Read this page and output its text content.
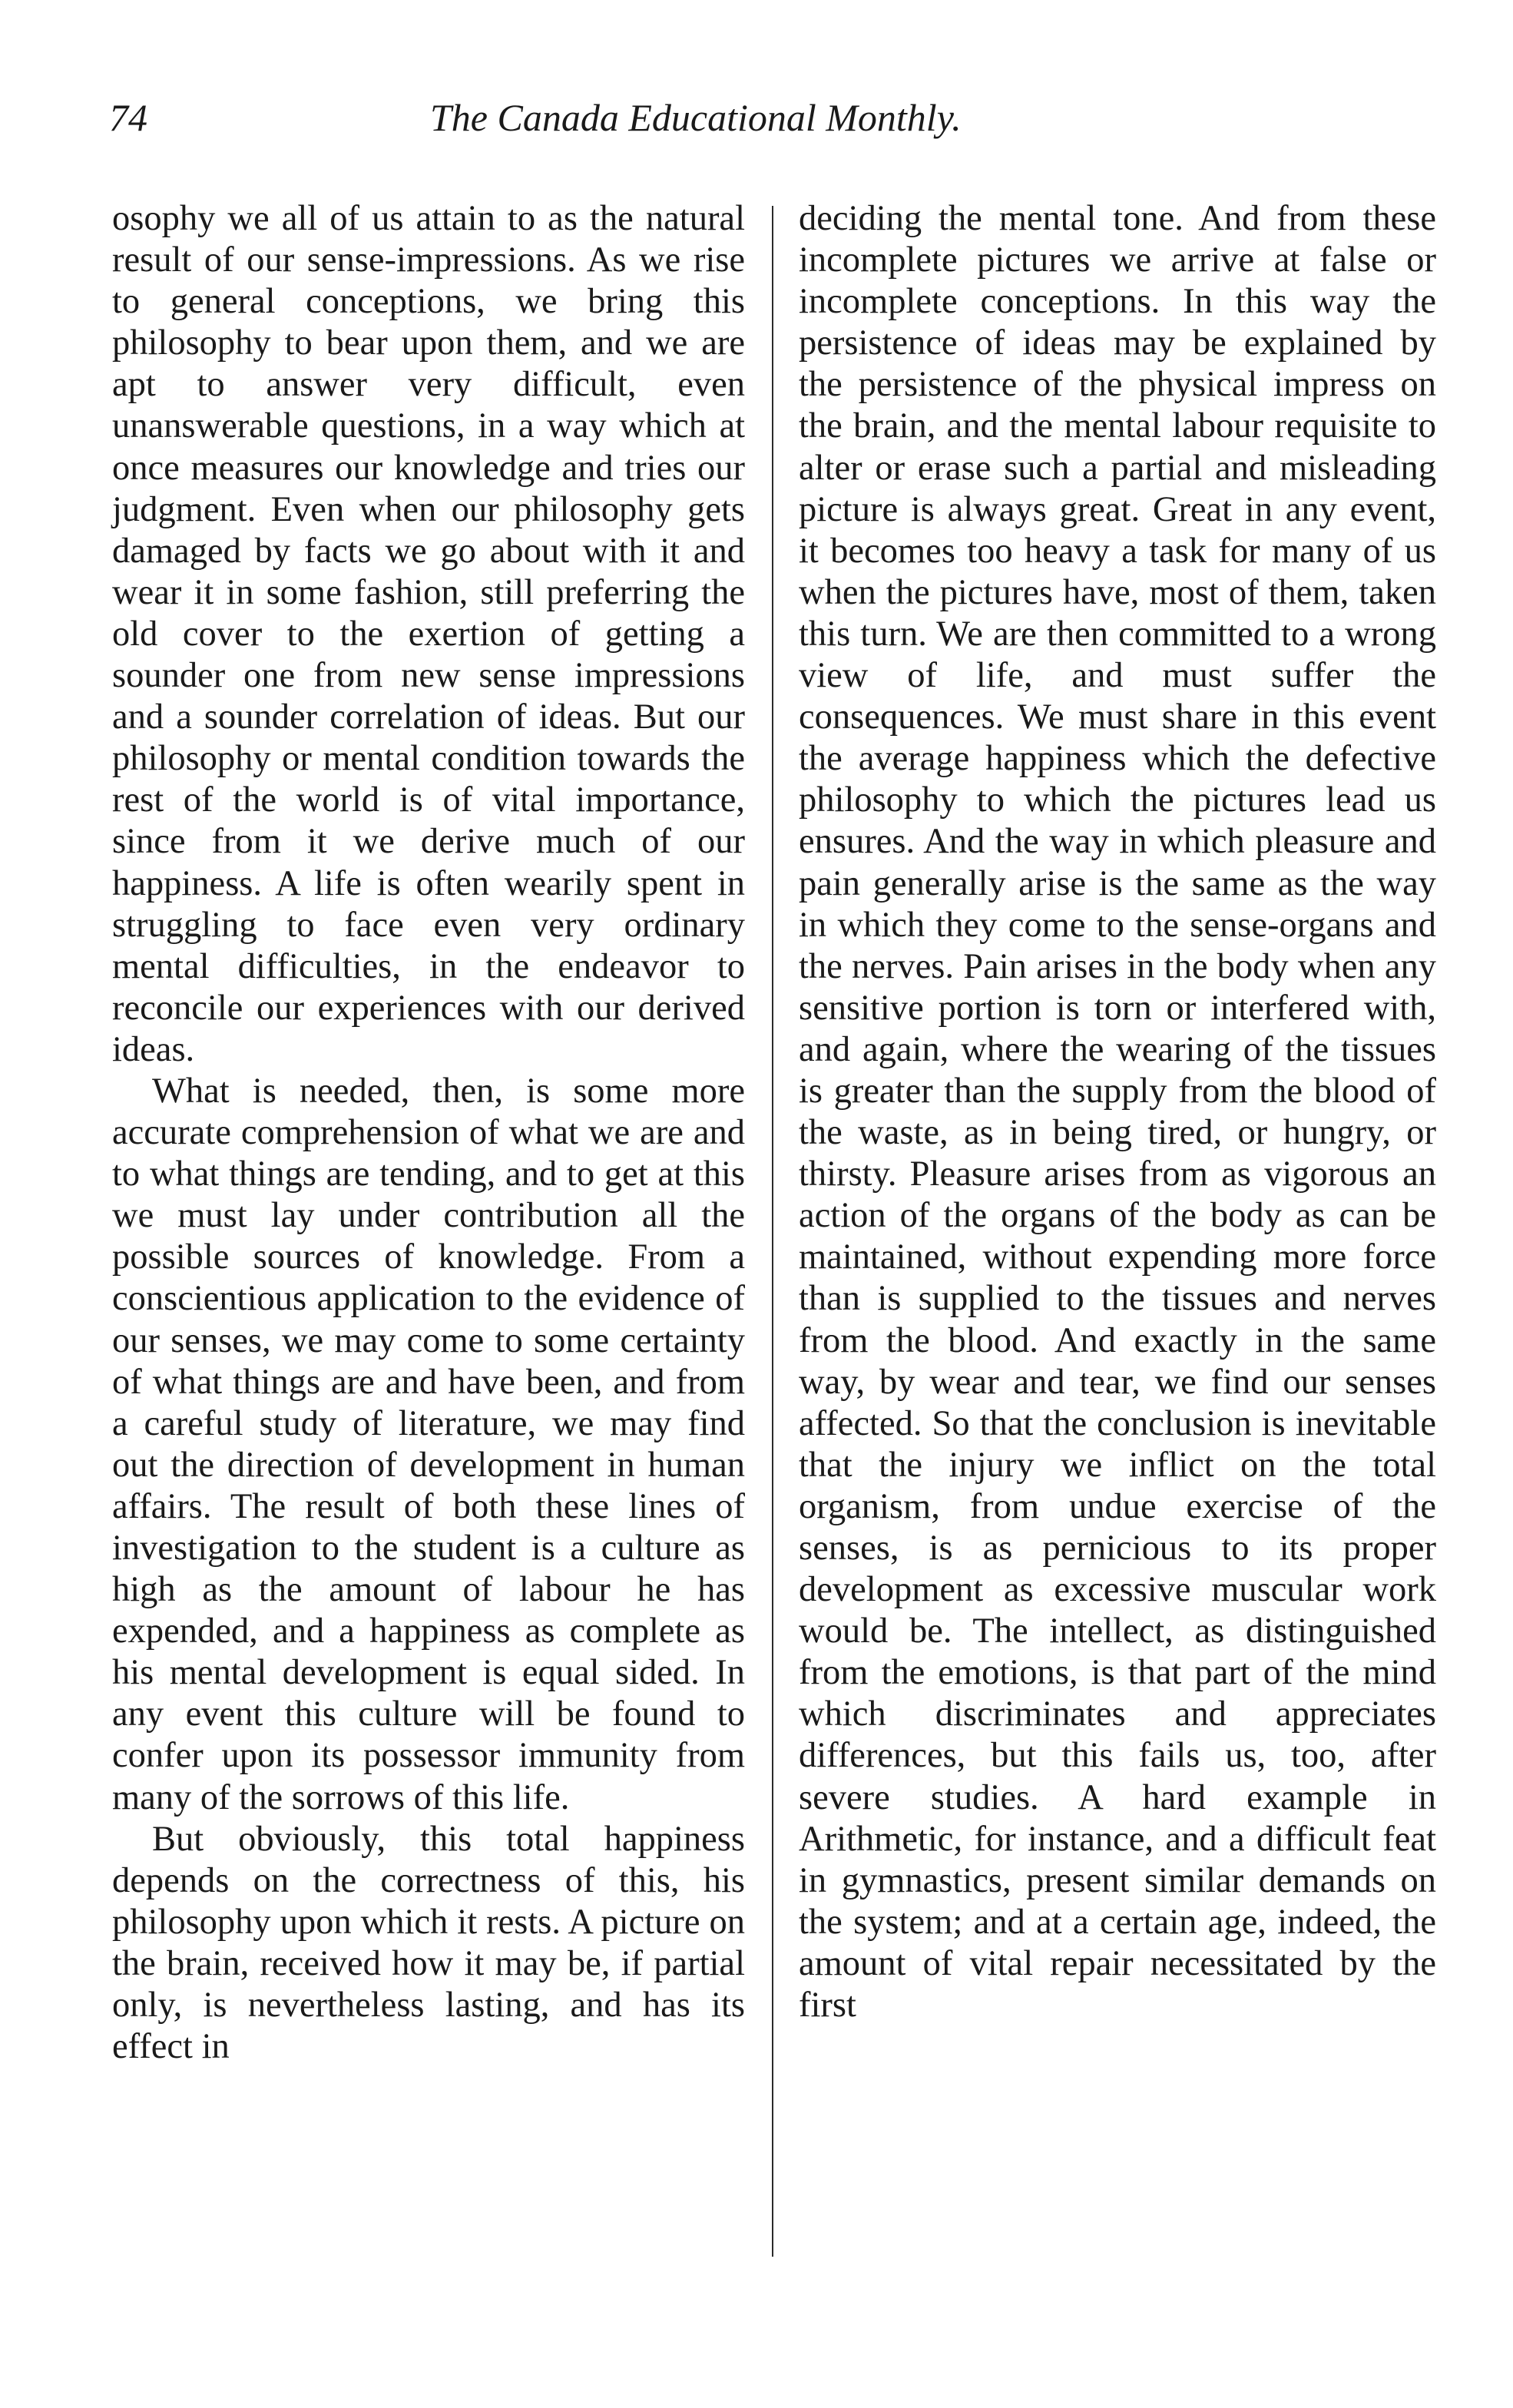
74	The Canada Educational Monthly.

osophy we all of us attain to as the natural result of our sense-impressions. As we rise to general conceptions, we bring this philosophy to bear upon them, and we are apt to answer very difficult, even unanswerable questions, in a way which at once measures our knowledge and tries our judgment. Even when our philosophy gets damaged by facts we go about with it and wear it in some fashion, still preferring the old cover to the exertion of getting a sounder one from new sense impressions and a sounder correlation of ideas. But our philosophy or mental condition towards the rest of the world is of vital importance, since from it we derive much of our happiness. A life is often wearily spent in struggling to face even very ordinary mental difficulties, in the endeavor to reconcile our experiences with our derived ideas.

What is needed, then, is some more accurate comprehension of what we are and to what things are tending, and to get at this we must lay under contribution all the possible sources of knowledge. From a conscientious application to the evidence of our senses, we may come to some certainty of what things are and have been, and from a careful study of literature, we may find out the direction of development in human affairs. The result of both these lines of investigation to the student is a culture as high as the amount of labour he has expended, and a happiness as complete as his mental development is equal sided. In any event this culture will be found to confer upon its possessor immunity from many of the sorrows of this life.

But obviously, this total happiness depends on the correctness of this, his philosophy upon which it rests. A picture on the brain, received how it may be, if partial only, is nevertheless lasting, and has its effect in

deciding the mental tone. And from these incomplete pictures we arrive at false or incomplete conceptions. In this way the persistence of ideas may be explained by the persistence of the physical impress on the brain, and the mental labour requisite to alter or erase such a partial and misleading picture is always great. Great in any event, it becomes too heavy a task for many of us when the pictures have, most of them, taken this turn. We are then committed to a wrong view of life, and must suffer the consequences. We must share in this event the average happiness which the defective philosophy to which the pictures lead us ensures. And the way in which pleasure and pain generally arise is the same as the way in which they come to the sense-organs and the nerves. Pain arises in the body when any sensitive portion is torn or interfered with, and again, where the wearing of the tissues is greater than the supply from the blood of the waste, as in being tired, or hungry, or thirsty. Pleasure arises from as vigorous an action of the organs of the body as can be maintained, without expending more force than is supplied to the tissues and nerves from the blood. And exactly in the same way, by wear and tear, we find our senses affected. So that the conclusion is inevitable that the injury we inflict on the total organism, from undue exercise of the senses, is as pernicious to its proper development as excessive muscular work would be. The intellect, as distinguished from the emotions, is that part of the mind which discriminates and appreciates differences, but this fails us, too, after severe studies. A hard example in Arithmetic, for instance, and a difficult feat in gymnastics, present similar demands on the system; and at a certain age, indeed, the amount of vital repair necessitated by the first
